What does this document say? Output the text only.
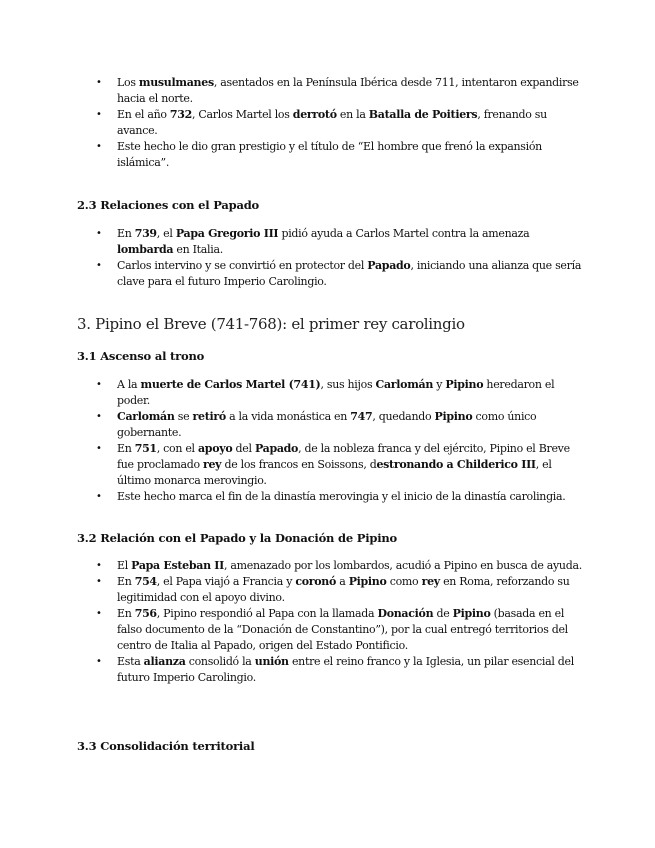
• Los musulmanes, asentados en la Península Ibérica desde 711, intentaron expandirse hacia el norte.
• En el año 732, Carlos Martel los derrotó en la Batalla de Poitiers, frenando su avance.
• Este hecho le dio gran prestigio y el título de “El hombre que frenó la expansión islámica”.
2.3 Relaciones con el Papado
• En 739, el Papa Gregorio III pidió ayuda a Carlos Martel contra la amenaza lombarda en Italia.
• Carlos intervino y se convirtió en protector del Papado, iniciando una alianza que sería clave para el futuro Imperio Carolingio.
3. Pipino el Breve (741-768): el primer rey carolingio
3.1 Ascenso al trono
• A la muerte de Carlos Martel (741), sus hijos Carlomán y Pipino heredaron el poder.
• Carlomán se retiró a la vida monástica en 747, quedando Pipino como único gobernante.
• En 751, con el apoyo del Papado, de la nobleza franca y del ejército, Pipino el Breve fue proclamado rey de los francos en Soissons, destronando a Childerico III, el último monarca merovingio.
• Este hecho marca el fin de la dinastía merovingia y el inicio de la dinastía carolingia.
3.2 Relación con el Papado y la Donación de Pipino
• El Papa Esteban II, amenazado por los lombardos, acudió a Pipino en busca de ayuda.
• En 754, el Papa viajó a Francia y coronó a Pipino como rey en Roma, reforzando su legitimidad con el apoyo divino.
• En 756, Pipino respondió al Papa con la llamada Donación de Pipino (basada en el falso documento de la “Donación de Constantino”), por la cual entregó territorios del centro de Italia al Papado, origen del Estado Pontificio.
• Esta alianza consolidó la unión entre el reino franco y la Iglesia, un pilar esencial del futuro Imperio Carolingio.
3.3 Consolidación territorial
